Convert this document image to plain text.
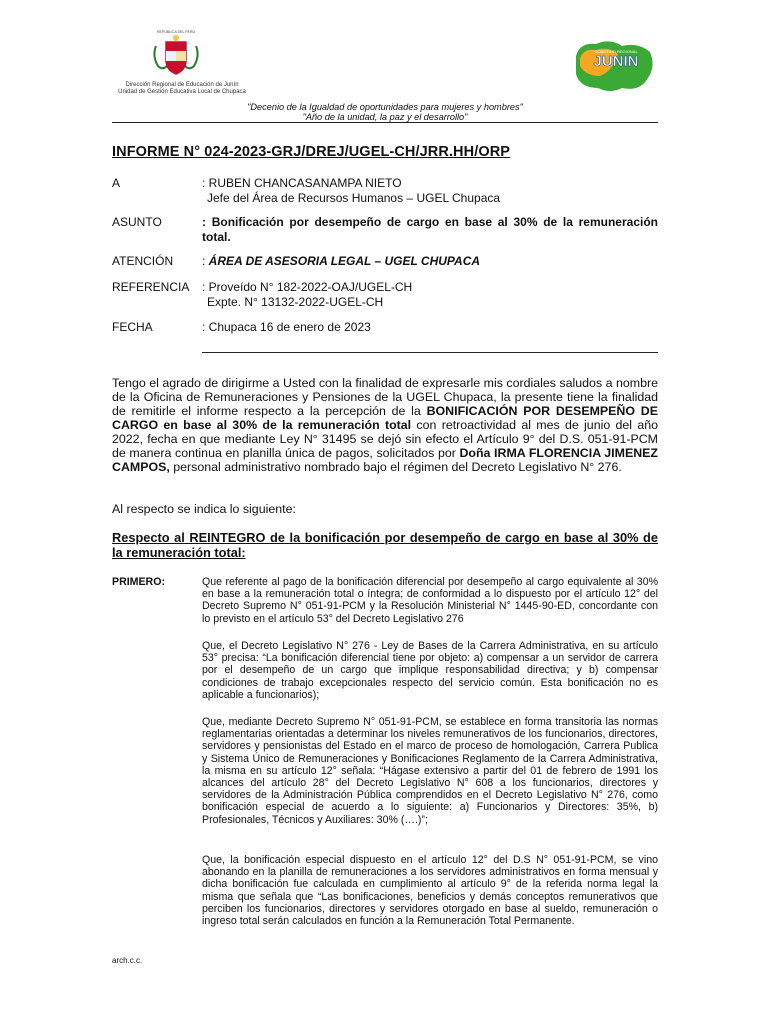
REPÚBLICA DEL PERÚ
Dirección Regional de Educación de Junín
Unidad de Gestión Educativa Local de Chupaca
GOBIERNO REGIONAL
JUNIN
"Decenio de la Igualdad de oportunidades para mujeres y hombres"
"Año de la unidad, la paz y el desarrollo"
INFORME N° 024-2023-GRJ/DREJ/UGEL-CH/JRR.HH/ORP
A	: RUBEN CHANCASANAMPA NIETO
Jefe del Área de Recursos Humanos – UGEL Chupaca
ASUNTO	: Bonificación por desempeño de cargo en base al 30% de la remuneración total.
ATENCIÓN : ÁREA DE ASESORIA LEGAL – UGEL CHUPACA
REFERENCIA : Proveído N° 182-2022-OAJ/UGEL-CH
Expte. N° 13132-2022-UGEL-CH
FECHA	: Chupaca 16 de enero de 2023
Tengo el agrado de dirigirme a Usted con la finalidad de expresarle mis cordiales saludos a nombre de la Oficina de Remuneraciones y Pensiones de la UGEL Chupaca, la presente tiene la finalidad de remitirle el informe respecto a la percepción de la BONIFICACIÓN POR DESEMPEÑO DE CARGO en base al 30% de la remuneración total con retroactividad al mes de junio del año 2022, fecha en que mediante Ley N° 31495 se dejó sin efecto el Artículo 9° del D.S. 051-91-PCM de manera continua en planilla única de pagos, solicitados por Doña IRMA FLORENCIA JIMENEZ CAMPOS, personal administrativo nombrado bajo el régimen del Decreto Legislativo N° 276.
Al respecto se indica lo siguiente:
Respecto al REINTEGRO de la bonificación por desempeño de cargo en base al 30% de la remuneración total:
PRIMERO:	Que referente al pago de la bonificación diferencial por desempeño al cargo equivalente al 30% en base a la remuneración total o íntegra; de conformidad a lo dispuesto por el artículo 12° del Decreto Supremo N° 051-91-PCM y la Resolución Ministerial N° 1445-90-ED, concordante con lo previsto en el artículo 53° del Decreto Legislativo 276
Que, el Decreto Legislativo N° 276 - Ley de Bases de la Carrera Administrativa, en su artículo 53° precisa: “La bonificación diferencial tiene por objeto: a) compensar a un servidor de carrera por el desempeño de un cargo que implique responsabilidad directiva; y b) compensar condiciones de trabajo excepcionales respecto del servicio común. Esta bonificación no es aplicable a funcionarios);
Que, mediante Decreto Supremo N° 051-91-PCM, se establece en forma transitoria las normas reglamentarias orientadas a determinar los niveles remunerativos de los funcionarios, directores, servidores y pensionistas del Estado en el marco de proceso de homologación, Carrera Publica y Sistema Único de Remuneraciones y Bonificaciones Reglamento de la Carrera Administrativa, la misma en su artículo 12° señala: “Hágase extensivo a partir del 01 de febrero de 1991 los alcances del artículo 28° del Decreto Legislativo N° 608 a los funcionarios, directores y servidores de la Administración Pública comprendidos en el Decreto Legislativo N° 276, como bonificación especial de acuerdo a lo siguiente: a) Funcionarios y Directores: 35%, b) Profesionales, Técnicos y Auxiliares: 30% (….)”;
Que, la bonificación especial dispuesto en el artículo 12° del D.S N° 051-91-PCM, se vino abonando en la planilla de remuneraciones a los servidores administrativos en forma mensual y dicha bonificación fue calculada en cumplimiento al artículo 9° de la referida norma legal la misma que señala que “Las bonificaciones, beneficios y demás conceptos remunerativos que perciben los funcionarios, directores y servidores otorgado en base al sueldo, remuneración o ingreso total serán calculados en función a la Remuneración Total Permanente.
arch.c.c.
